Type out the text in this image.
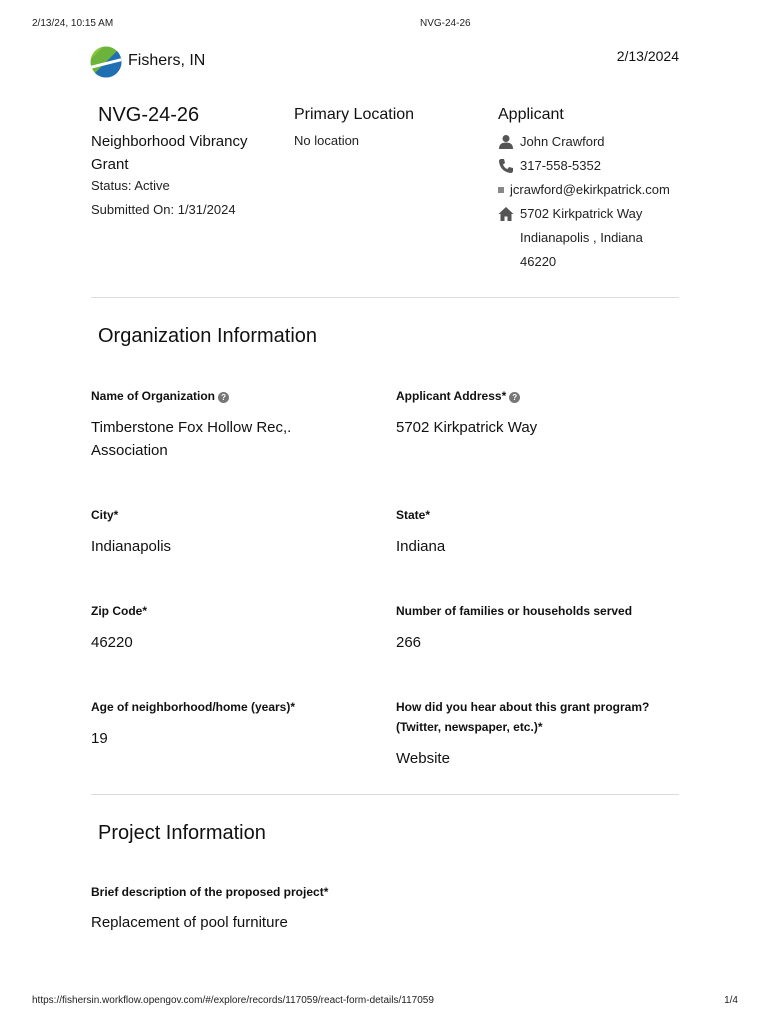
2/13/24, 10:15 AM	NVG-24-26
Fishers, IN	2/13/2024
NVG-24-26
Neighborhood Vibrancy Grant
Status: Active
Submitted On: 1/31/2024
Primary Location
No location
Applicant
John Crawford
317-558-5352
jcrawford@ekirkpatrick.com
5702 Kirkpatrick Way
Indianapolis , Indiana
46220
Organization Information
Name of Organization ?
Timberstone Fox Hollow Rec,. Association
Applicant Address* ?
5702 Kirkpatrick Way
City*
Indianapolis
State*
Indiana
Zip Code*
46220
Number of families or households served
266
Age of neighborhood/home (years)*
19
How did you hear about this grant program? (Twitter, newspaper, etc.)*
Website
Project Information
Brief description of the proposed project*
Replacement of pool furniture
https://fishersin.workflow.opengov.com/#/explore/records/117059/react-form-details/117059	1/4
